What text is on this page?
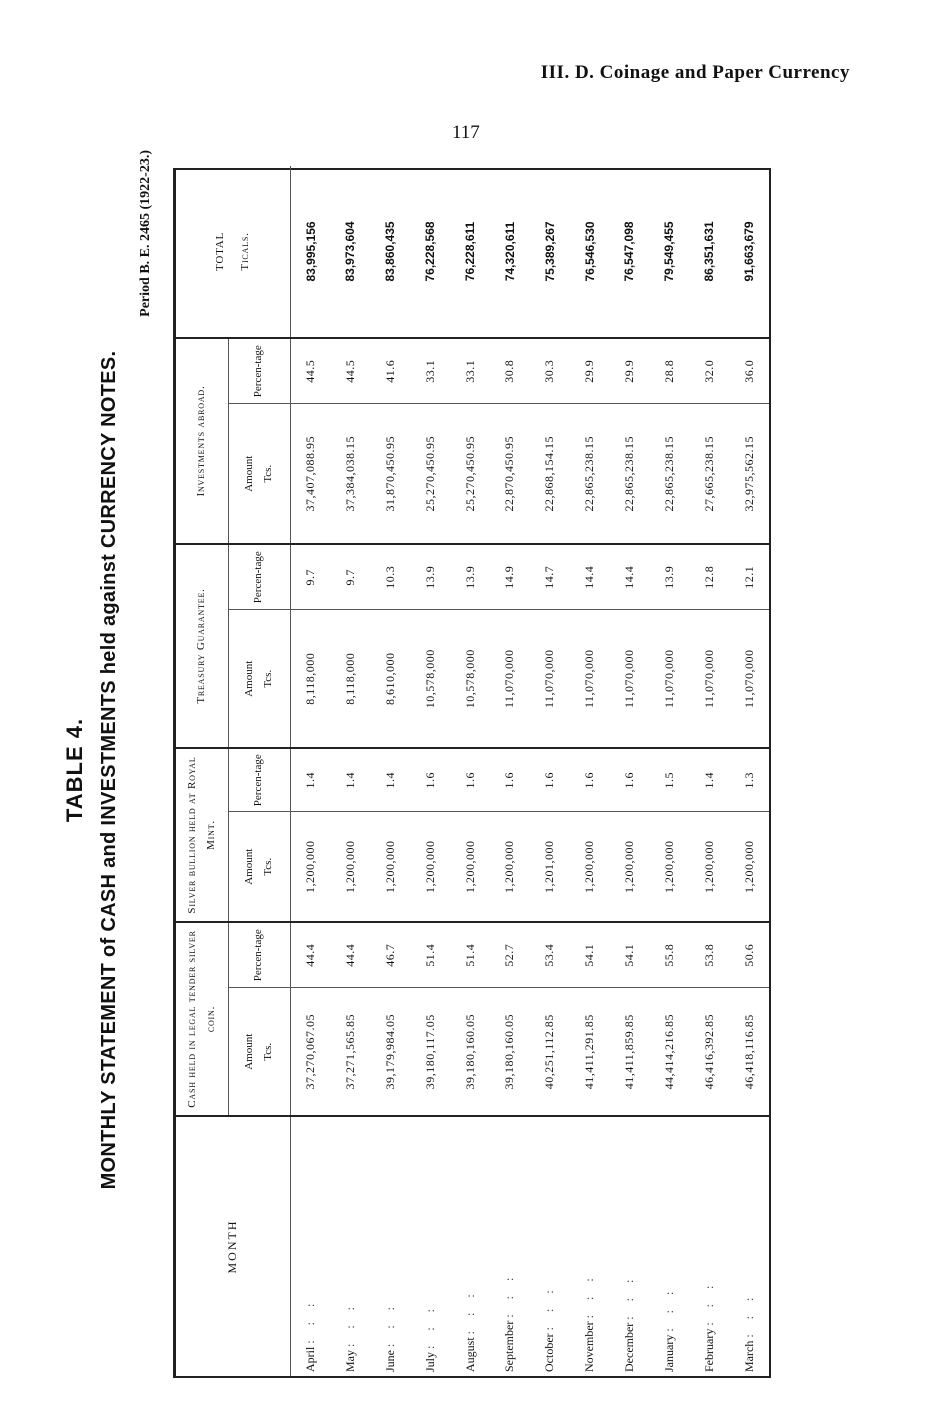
III. D. Coinage and Paper Currency
117
TABLE 4. MONTHLY STATEMENT of CASH and INVESTMENTS held against CURRENCY NOTES.
Period B. E. 2465 (1922-23.)
MONTH	Cash held in legal tender silver coin.		Silver bullion held at Royal Mint.		Treasury Guarantee.		Investments abroad.		TOTAL Ticals.

	Amount Tcs.	Percen-tage	Amount Tcs.	Percen-tage	Amount Tcs.	Percen-tage	Amount Tcs.	Percen-tage	
April : : :	37,270,067.05	44.4	1,200,000	1.4	8,118,000	9.7	37,407,088.95	44.5	83,995,156
May : : :	37,271,565.85	44.4	1,200,000	1.4	8,118,000	9.7	37,384,038.15	44.5	83,973,604
June : : :	39,179,984.05	46.7	1,200,000	1.4	8,610,000	10.3	31,870,450.95	41.6	83,860,435
July : : :	39,180,117.05	51.4	1,200,000	1.6	10,578,000	13.9	25,270,450.95	33.1	76,228,568
August : : :	39,180,160.05	51.4	1,200,000	1.6	10,578,000	13.9	25,270,450.95	33.1	76,228,611
September : : :	39,180,160.05	52.7	1,200,000	1.6	11,070,000	14.9	22,870,450.95	30.8	74,320,611
October : : :	40,251,112.85	53.4	1,201,000	1.6	11,070,000	14.7	22,868,154.15	30.3	75,389,267
November : : :	41,411,291.85	54.1	1,200,000	1.6	11,070,000	14.4	22,865,238.15	29.9	76,546,530
December : : :	41,411,859.85	54.1	1,200,000	1.6	11,070,000	14.4	22,865,238.15	29.9	76,547,098
January : : :	44,414,216.85	55.8	1,200,000	1.5	11,070,000	13.9	22,865,238.15	28.8	79,549,455
February : : :	46,416,392.85	53.8	1,200,000	1.4	11,070,000	12.8	27,665,238.15	32.0	86,351,631
March : : :	46,418,116.85	50.6	1,200,000	1.3	11,070,000	12.1	32,975,562.15	36.0	91,663,679
